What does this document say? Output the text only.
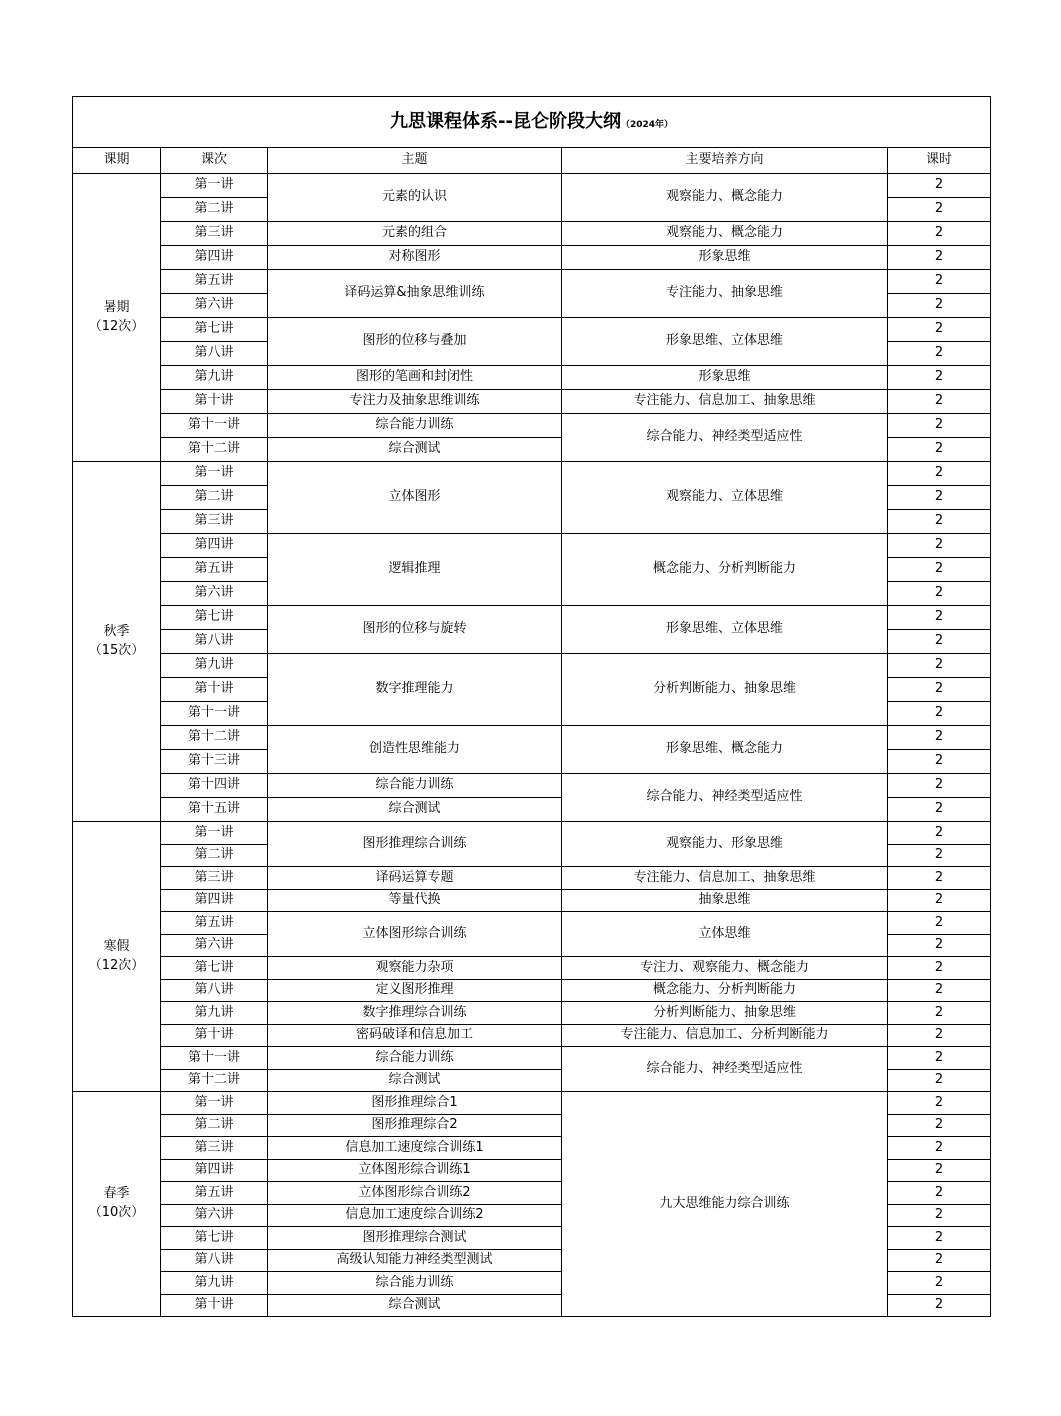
九思课程体系--昆仑阶段大纲（2024年）				
课期	课次	主题	主要培养方向	课时
暑期
（12次）	第一讲	元素的认识	观察能力、概念能力	2
	第二讲			2
	第三讲	元素的组合	观察能力、概念能力	2
	第四讲	对称图形	形象思维	2
	第五讲	译码运算&抽象思维训练	专注能力、抽象思维	2
	第六讲			2
	第七讲	图形的位移与叠加	形象思维、立体思维	2
	第八讲			2
	第九讲	图形的笔画和封闭性	形象思维	2
	第十讲	专注力及抽象思维训练	专注能力、信息加工、抽象思维	2
	第十一讲	综合能力训练	综合能力、神经类型适应性	2
	第十二讲	综合测试		2
秋季
（15次）	第一讲	立体图形	观察能力、立体思维	2
	第二讲			2
	第三讲			2
	第四讲	逻辑推理	概念能力、分析判断能力	2
	第五讲			2
	第六讲			2
	第七讲	图形的位移与旋转	形象思维、立体思维	2
	第八讲			2
	第九讲	数字推理能力	分析判断能力、抽象思维	2
	第十讲			2
	第十一讲			2
	第十二讲	创造性思维能力	形象思维、概念能力	2
	第十三讲			2
	第十四讲	综合能力训练	综合能力、神经类型适应性	2
	第十五讲	综合测试		2
寒假
（12次）	第一讲	图形推理综合训练	观察能力、形象思维	2
	第二讲			2
	第三讲	译码运算专题	专注能力、信息加工、抽象思维	2
	第四讲	等量代换	抽象思维	2
	第五讲	立体图形综合训练	立体思维	2
	第六讲			2
	第七讲	观察能力杂项	专注力、观察能力、概念能力	2
	第八讲	定义图形推理	概念能力、分析判断能力	2
	第九讲	数字推理综合训练	分析判断能力、抽象思维	2
	第十讲	密码破译和信息加工	专注能力、信息加工、分析判断能力	2
	第十一讲	综合能力训练	综合能力、神经类型适应性	2
	第十二讲	综合测试		2
春季
（10次）	第一讲	图形推理综合1	九大思维能力综合训练	2
	第二讲	图形推理综合2		2
	第三讲	信息加工速度综合训练1		2
	第四讲	立体图形综合训练1		2
	第五讲	立体图形综合训练2		2
	第六讲	信息加工速度综合训练2		2
	第七讲	图形推理综合测试		2
	第八讲	高级认知能力神经类型测试		2
	第九讲	综合能力训练		2
	第十讲	综合测试		2
